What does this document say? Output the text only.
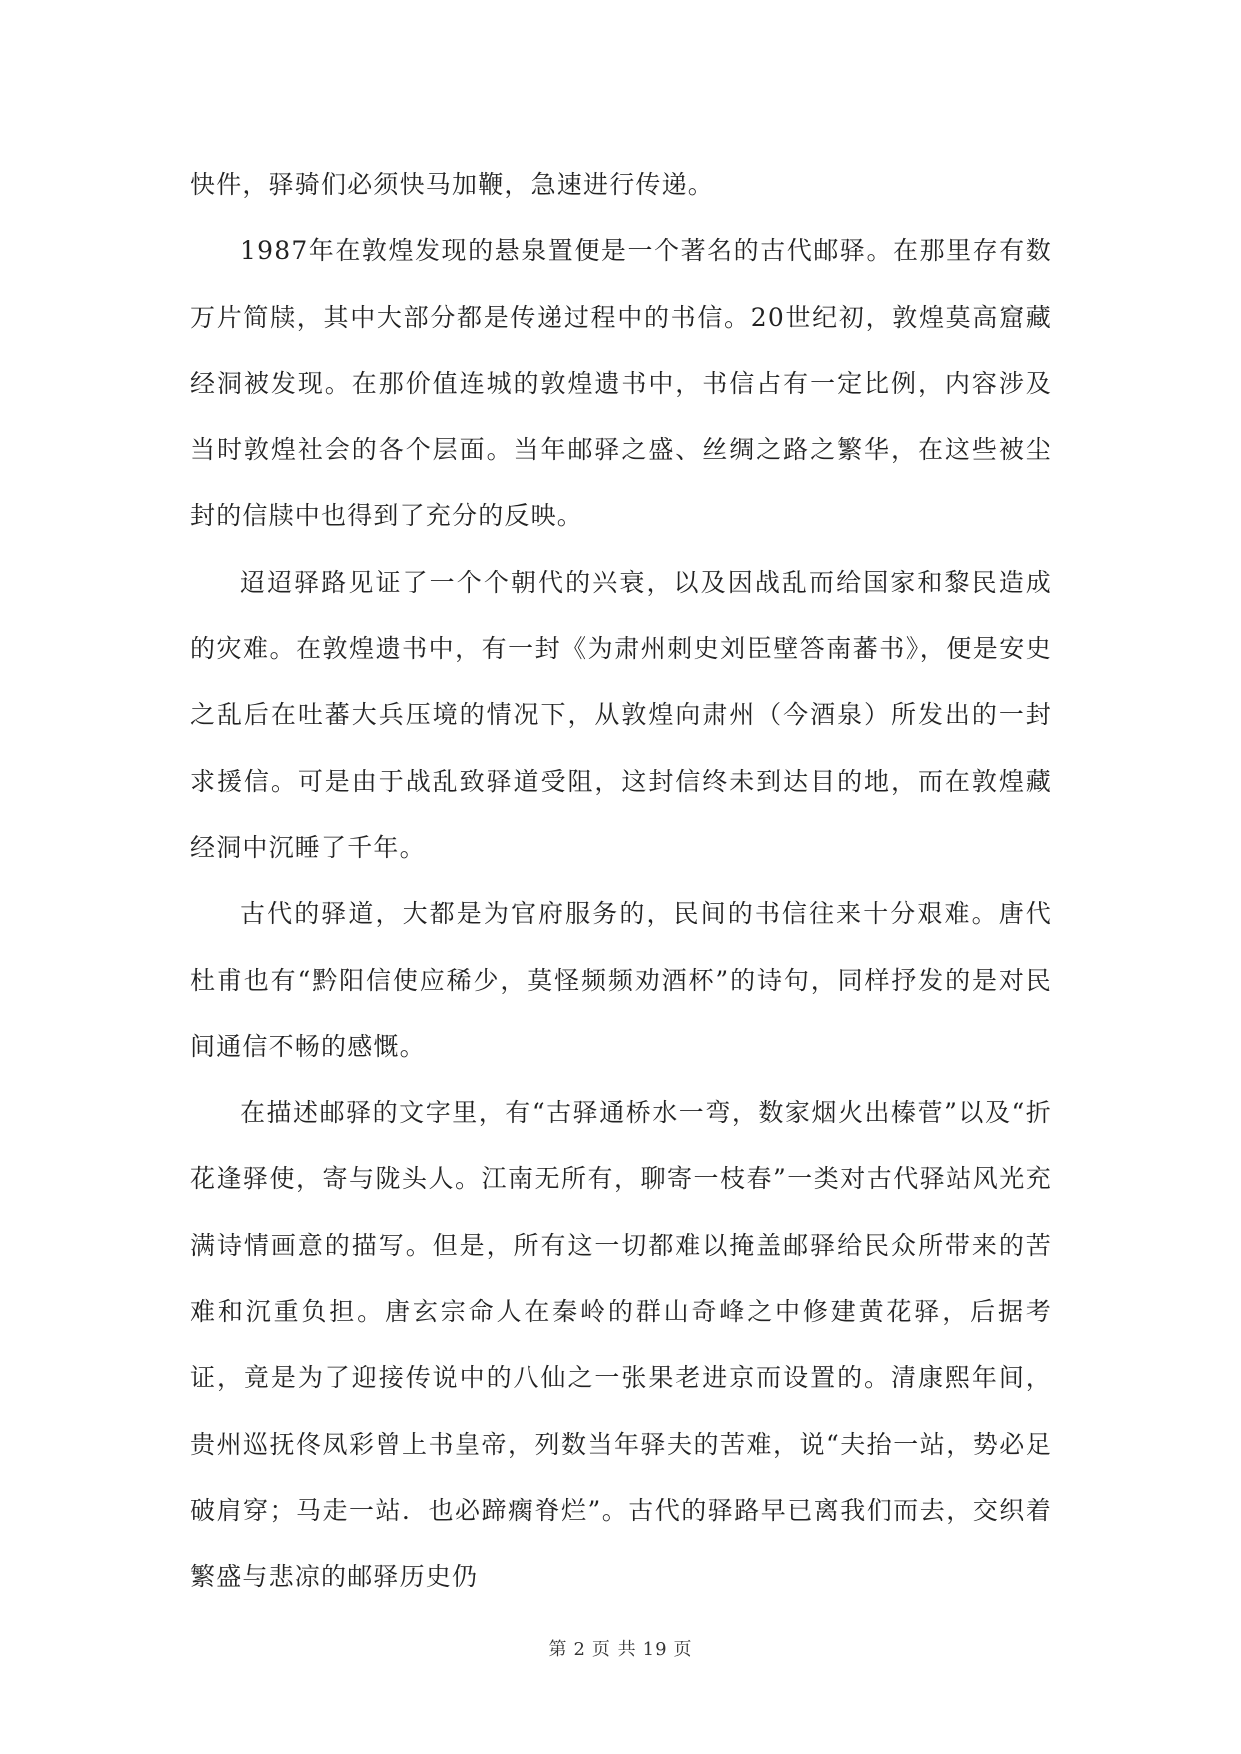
快件，驿骑们必须快马加鞭，急速进行传递。

1987年在敦煌发现的悬泉置便是一个著名的古代邮驿。在那里存有数万片简牍，其中大部分都是传递过程中的书信。20世纪初，敦煌莫高窟藏经洞被发现。在那价值连城的敦煌遗书中，书信占有一定比例，内容涉及当时敦煌社会的各个层面。当年邮驿之盛、丝绸之路之繁华，在这些被尘封的信牍中也得到了充分的反映。

迢迢驿路见证了一个个朝代的兴衰，以及因战乱而给国家和黎民造成的灾难。在敦煌遗书中，有一封《为肃州刺史刘臣壁答南蕃书》，便是安史之乱后在吐蕃大兵压境的情况下，从敦煌向肃州（今酒泉）所发出的一封求援信。可是由于战乱致驿道受阻，这封信终未到达目的地，而在敦煌藏经洞中沉睡了千年。

古代的驿道，大都是为官府服务的，民间的书信往来十分艰难。唐代杜甫也有“黔阳信使应稀少，莫怪频频劝酒杯”的诗句，同样抒发的是对民间通信不畅的感慨。

在描述邮驿的文字里，有“古驿通桥水一弯，数家烟火出榛菅”以及“折花逢驿使，寄与陇头人。江南无所有，聊寄一枝春”一类对古代驿站风光充满诗情画意的描写。但是，所有这一切都难以掩盖邮驿给民众所带来的苦难和沉重负担。唐玄宗命人在秦岭的群山奇峰之中修建黄花驿，后据考证，竟是为了迎接传说中的八仙之一张果老进京而设置的。清康熙年间，贵州巡抚佟凤彩曾上书皇帝，列数当年驿夫的苦难，说“夫抬一站，势必足破肩穿；马走一站．也必蹄瘸脊烂”。古代的驿路早已离我们而去，交织着繁盛与悲凉的邮驿历史仍

第 2 页 共 19 页
